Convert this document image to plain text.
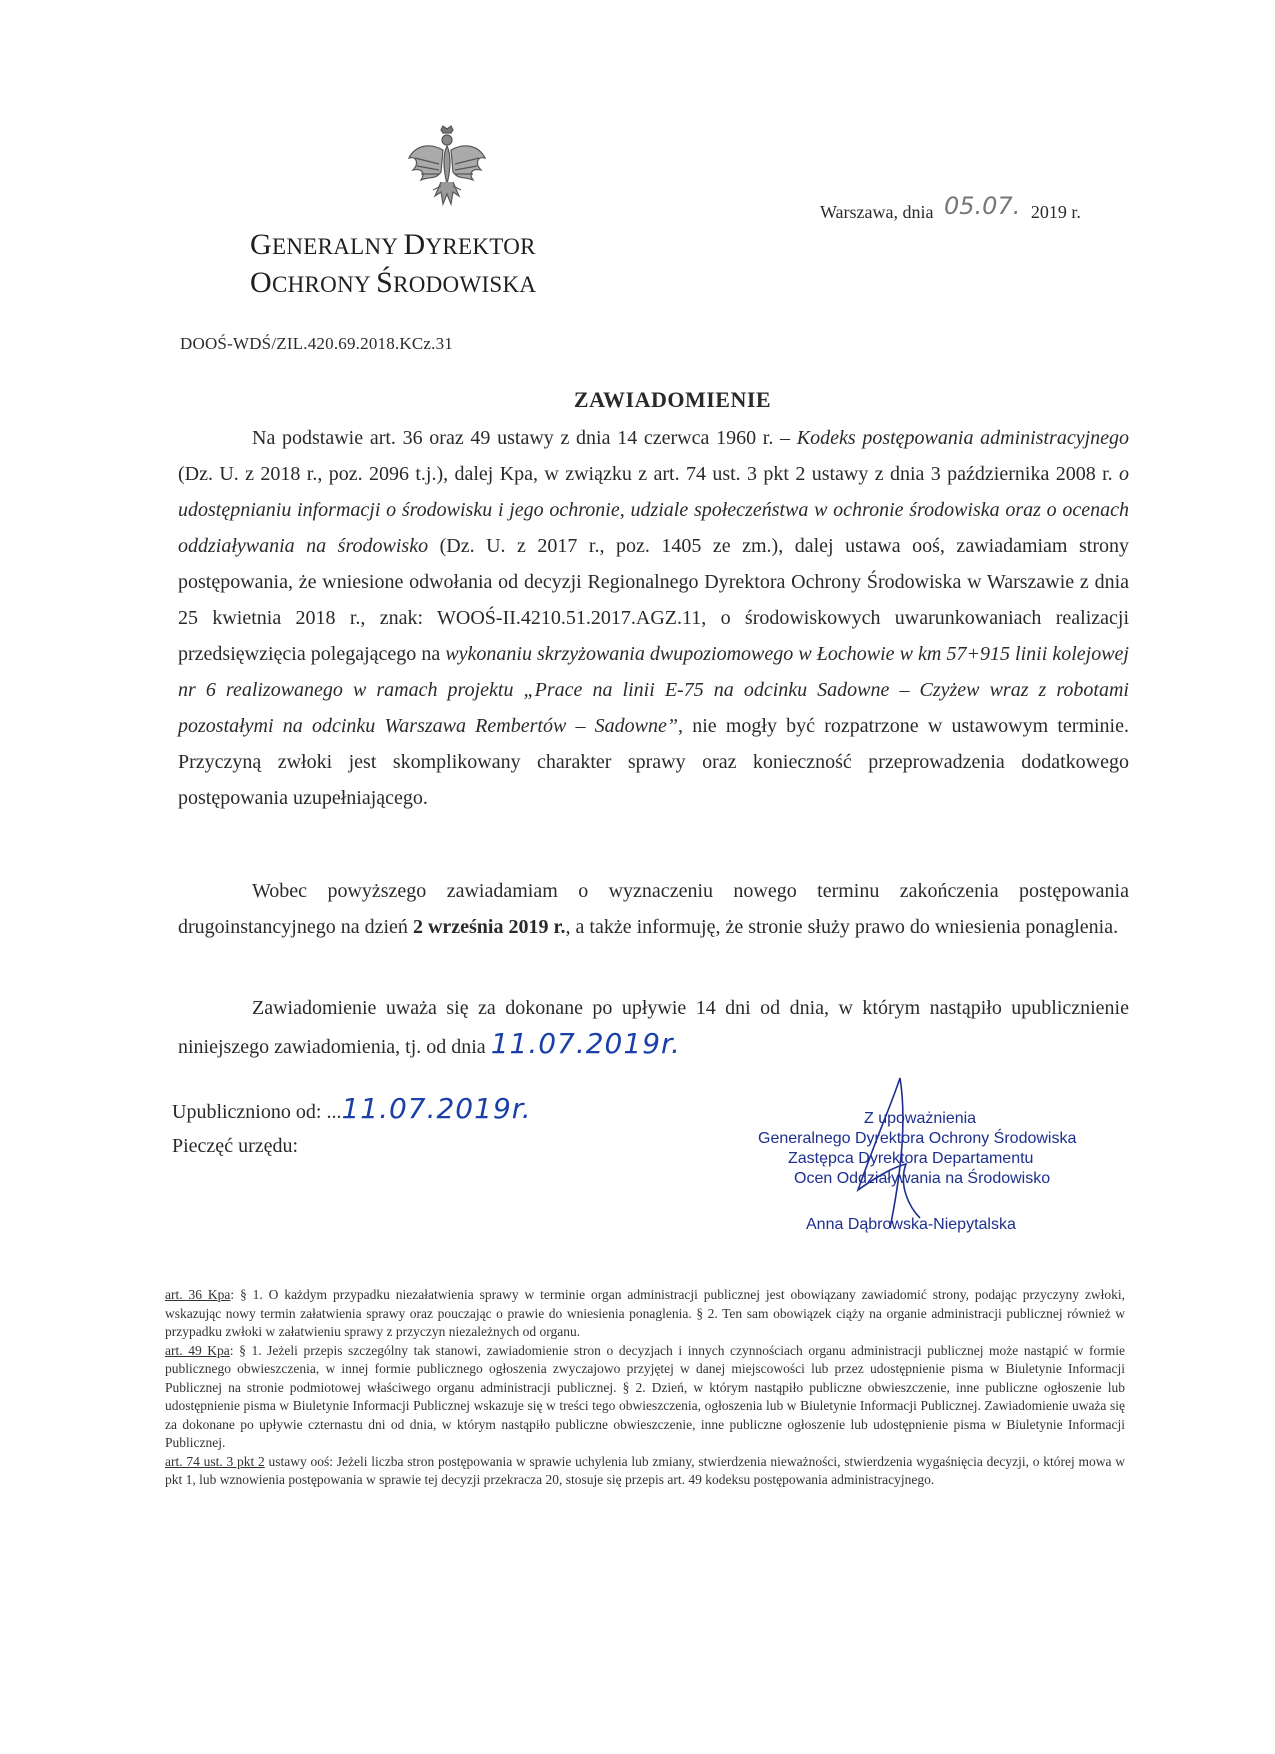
GENERALNY DYREKTOR
OCHRONY ŚRODOWISKA
Warszawa, dnia 05.07. 2019 r.
DOOŚ-WDŚ/ZIL.420.69.2018.KCz.31
ZAWIADOMIENIE

Na podstawie art. 36 oraz 49 ustawy z dnia 14 czerwca 1960 r. – Kodeks postępowania administracyjnego (Dz. U. z 2018 r., poz. 2096 t.j.), dalej Kpa, w związku z art. 74 ust. 3 pkt 2 ustawy z dnia 3 października 2008 r. o udostępnianiu informacji o środowisku i jego ochronie, udziale społeczeństwa w ochronie środowiska oraz o ocenach oddziaływania na środowisko (Dz. U. z 2017 r., poz. 1405 ze zm.), dalej ustawa ooś, zawiadamiam strony postępowania, że wniesione odwołania od decyzji Regionalnego Dyrektora Ochrony Środowiska w Warszawie z dnia 25 kwietnia 2018 r., znak: WOOŚ-II.4210.51.2017.AGZ.11, o środowiskowych uwarunkowaniach realizacji przedsięwzięcia polegającego na wykonaniu skrzyżowania dwupoziomowego w Łochowie w km 57+915 linii kolejowej nr 6 realizowanego w ramach projektu „Prace na linii E-75 na odcinku Sadowne – Czyżew wraz z robotami pozostałymi na odcinku Warszawa Rembertów – Sadowne”, nie mogły być rozpatrzone w ustawowym terminie. Przyczyną zwłoki jest skomplikowany charakter sprawy oraz konieczność przeprowadzenia dodatkowego postępowania uzupełniającego.

Wobec powyższego zawiadamiam o wyznaczeniu nowego terminu zakończenia postępowania drugoinstancyjnego na dzień 2 września 2019 r., a także informuję, że stronie służy prawo do wniesienia ponaglenia.

Zawiadomienie uważa się za dokonane po upływie 14 dni od dnia, w którym nastąpiło upublicznienie niniejszego zawiadomienia, tj. od dnia 11.07.2019r.

Upubliczniono od: ...11.07.2019r.
Pieczęć urzędu:
Z upoważnienia
Generalnego Dyrektora Ochrony Środowiska
Zastępca Dyrektora Departamentu
Ocen Oddziaływania na Środowisko
Anna Dąbrowska-Niepytalska

art. 36 Kpa: § 1. O każdym przypadku niezałatwienia sprawy w terminie organ administracji publicznej jest obowiązany zawiadomić strony, podając przyczyny zwłoki, wskazując nowy termin załatwienia sprawy oraz pouczając o prawie do wniesienia ponaglenia. § 2. Ten sam obowiązek ciąży na organie administracji publicznej również w przypadku zwłoki w załatwieniu sprawy z przyczyn niezależnych od organu.

art. 49 Kpa: § 1. Jeżeli przepis szczególny tak stanowi, zawiadomienie stron o decyzjach i innych czynnościach organu administracji publicznej może nastąpić w formie publicznego obwieszczenia, w innej formie publicznego ogłoszenia zwyczajowo przyjętej w danej miejscowości lub przez udostępnienie pisma w Biuletynie Informacji Publicznej na stronie podmiotowej właściwego organu administracji publicznej. § 2. Dzień, w którym nastąpiło publiczne obwieszczenie, inne publiczne ogłoszenie lub udostępnienie pisma w Biuletynie Informacji Publicznej wskazuje się w treści tego obwieszczenia, ogłoszenia lub w Biuletynie Informacji Publicznej. Zawiadomienie uważa się za dokonane po upływie czternastu dni od dnia, w którym nastąpiło publiczne obwieszczenie, inne publiczne ogłoszenie lub udostępnienie pisma w Biuletynie Informacji Publicznej.

art. 74 ust. 3 pkt 2 ustawy ooś: Jeżeli liczba stron postępowania w sprawie uchylenia lub zmiany, stwierdzenia nieważności, stwierdzenia wygaśnięcia decyzji, o której mowa w pkt 1, lub wznowienia postępowania w sprawie tej decyzji przekracza 20, stosuje się przepis art. 49 kodeksu postępowania administracyjnego.
